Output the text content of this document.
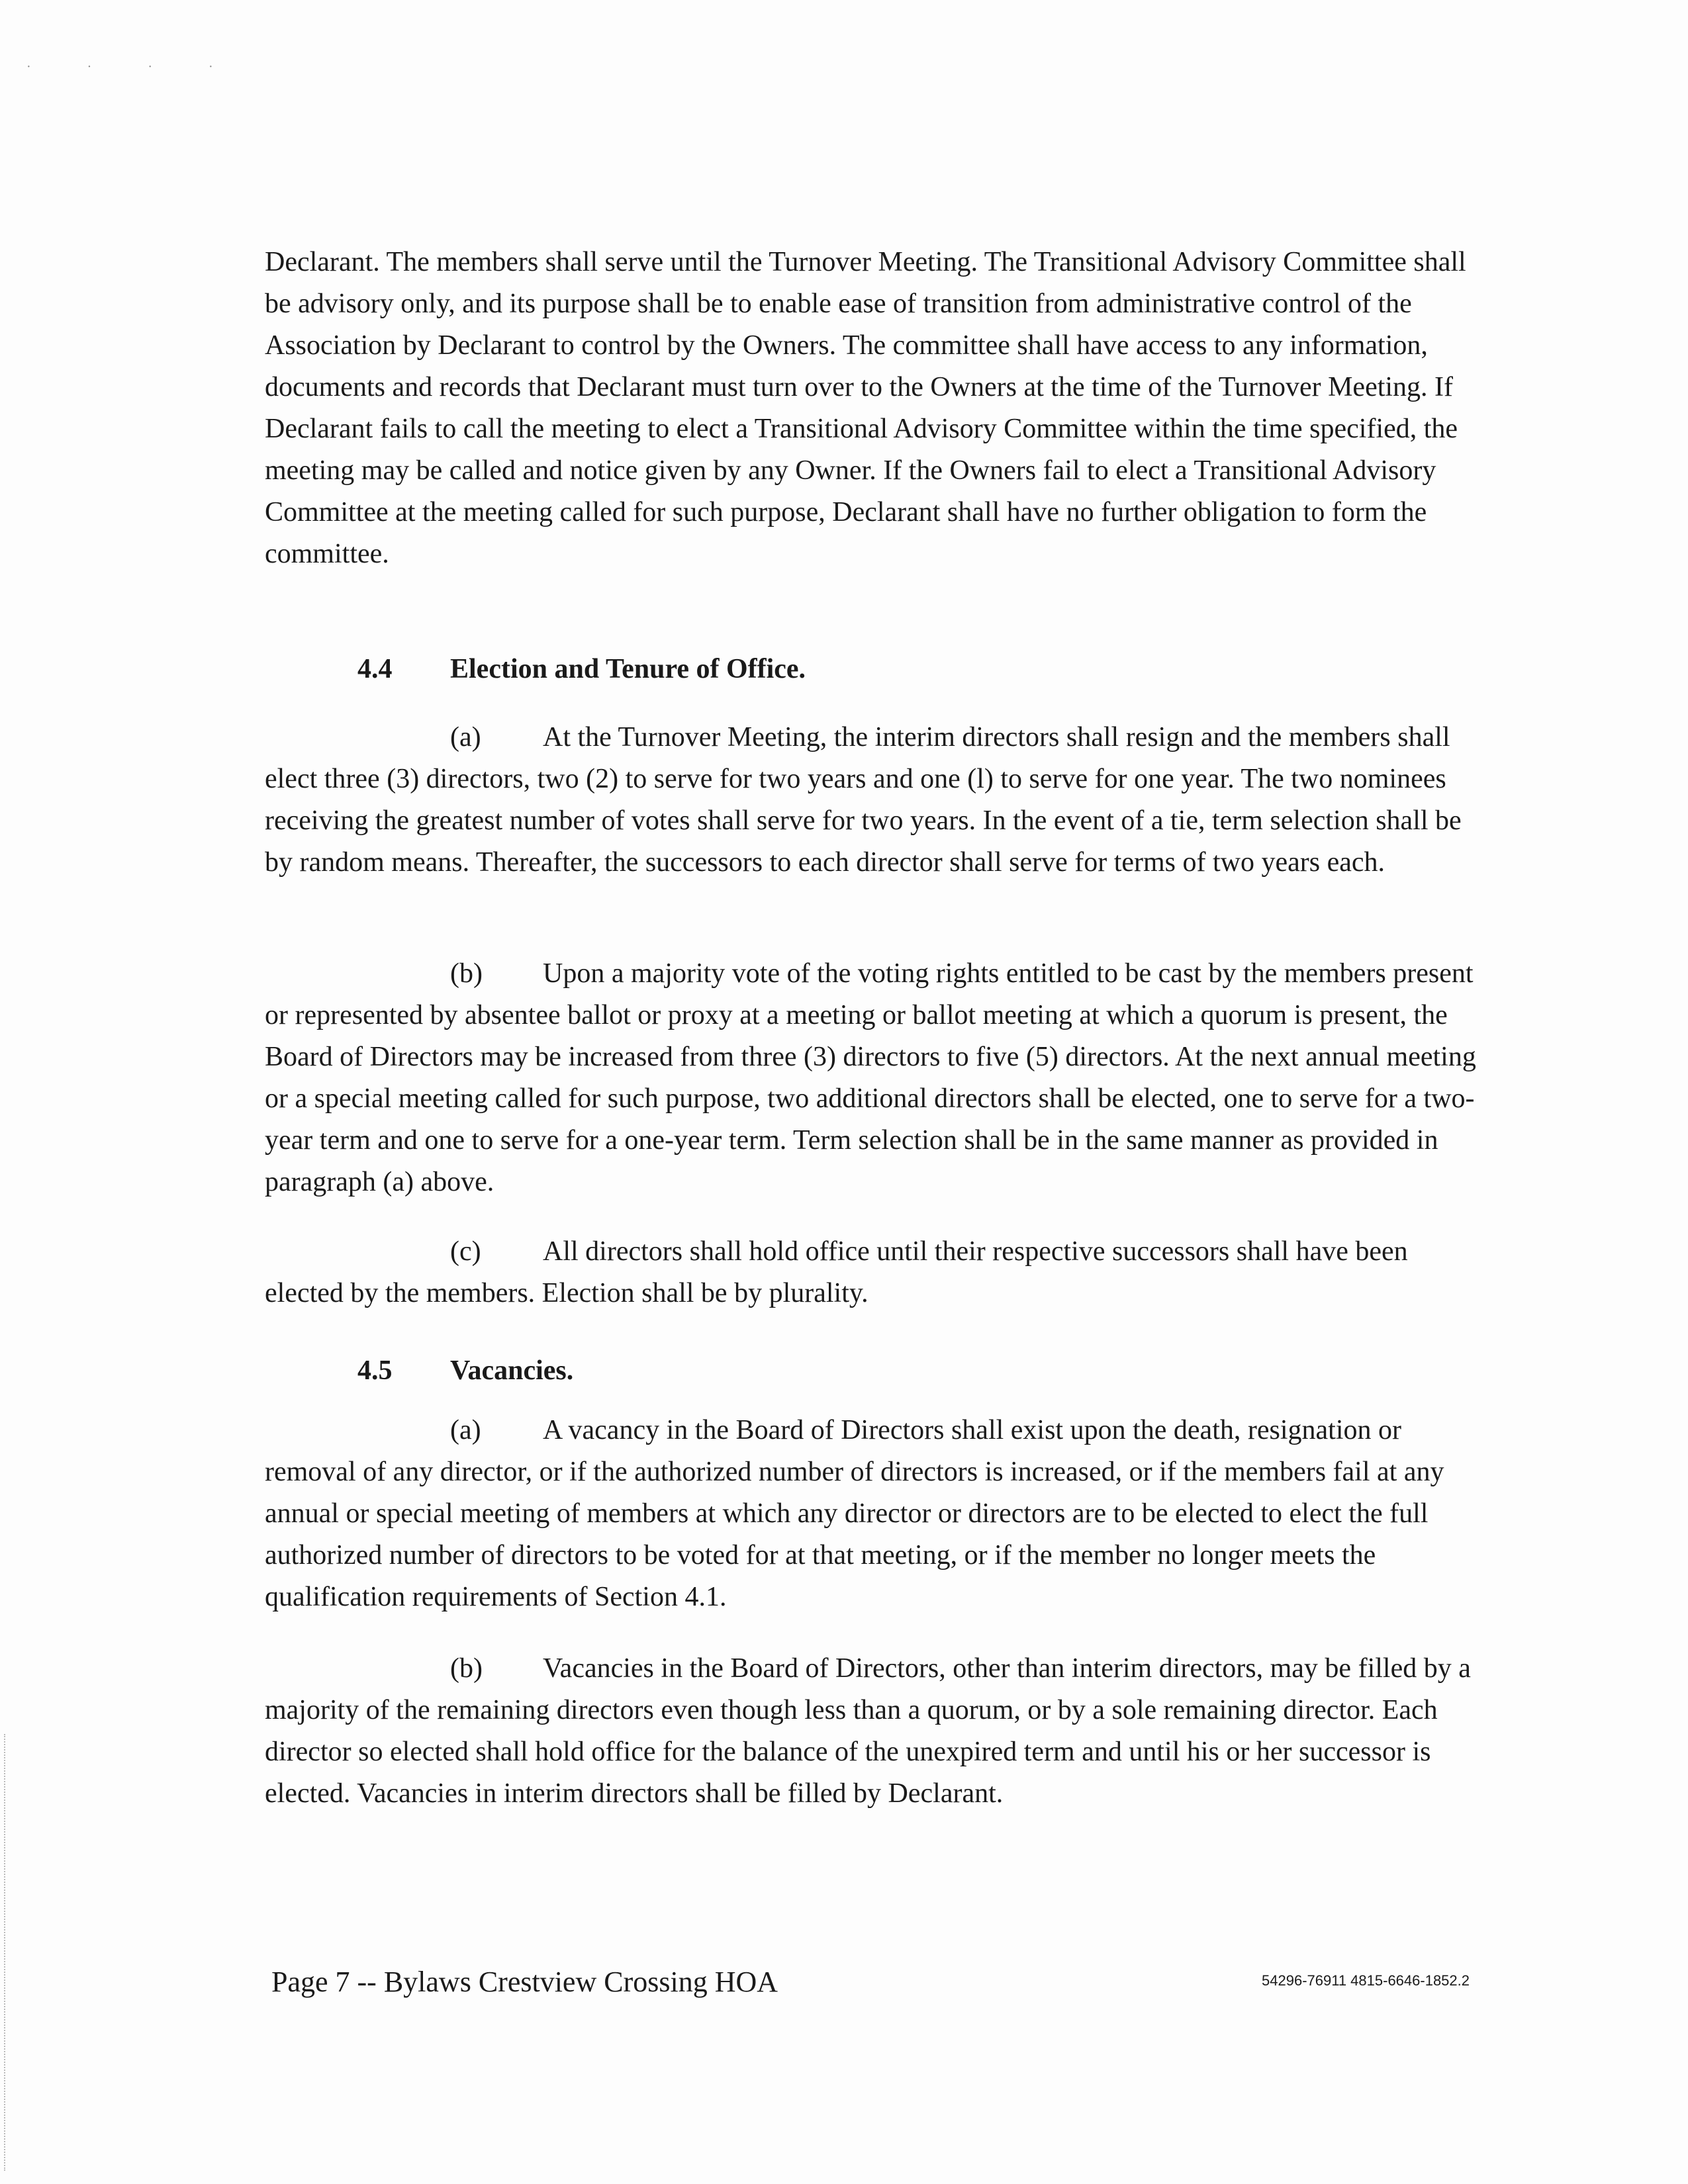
· · · ·

Declarant. The members shall serve until the Turnover Meeting. The Transitional Advisory Committee shall be advisory only, and its purpose shall be to enable ease of transition from administrative control of the Association by Declarant to control by the Owners. The committee shall have access to any information, documents and records that Declarant must turn over to the Owners at the time of the Turnover Meeting. If Declarant fails to call the meeting to elect a Transitional Advisory Committee within the time specified, the meeting may be called and notice given by any Owner. If the Owners fail to elect a Transitional Advisory Committee at the meeting called for such purpose, Declarant shall have no further obligation to form the committee.

4.4 Election and Tenure of Office.

(a) At the Turnover Meeting, the interim directors shall resign and the members shall elect three (3) directors, two (2) to serve for two years and one (l) to serve for one year. The two nominees receiving the greatest number of votes shall serve for two years. In the event of a tie, term selection shall be by random means. Thereafter, the successors to each director shall serve for terms of two years each.

(b) Upon a majority vote of the voting rights entitled to be cast by the members present or represented by absentee ballot or proxy at a meeting or ballot meeting at which a quorum is present, the Board of Directors may be increased from three (3) directors to five (5) directors. At the next annual meeting or a special meeting called for such purpose, two additional directors shall be elected, one to serve for a two-year term and one to serve for a one-year term. Term selection shall be in the same manner as provided in paragraph (a) above.

(c) All directors shall hold office until their respective successors shall have been elected by the members. Election shall be by plurality.

4.5 Vacancies.

(a) A vacancy in the Board of Directors shall exist upon the death, resignation or removal of any director, or if the authorized number of directors is increased, or if the members fail at any annual or special meeting of members at which any director or directors are to be elected to elect the full authorized number of directors to be voted for at that meeting, or if the member no longer meets the qualification requirements of Section 4.1.

(b) Vacancies in the Board of Directors, other than interim directors, may be filled by a majority of the remaining directors even though less than a quorum, or by a sole remaining director. Each director so elected shall hold office for the balance of the unexpired term and until his or her successor is elected. Vacancies in interim directors shall be filled by Declarant.

Page 7 -- Bylaws Crestview Crossing HOA	54296-76911 4815-6646-1852.2
